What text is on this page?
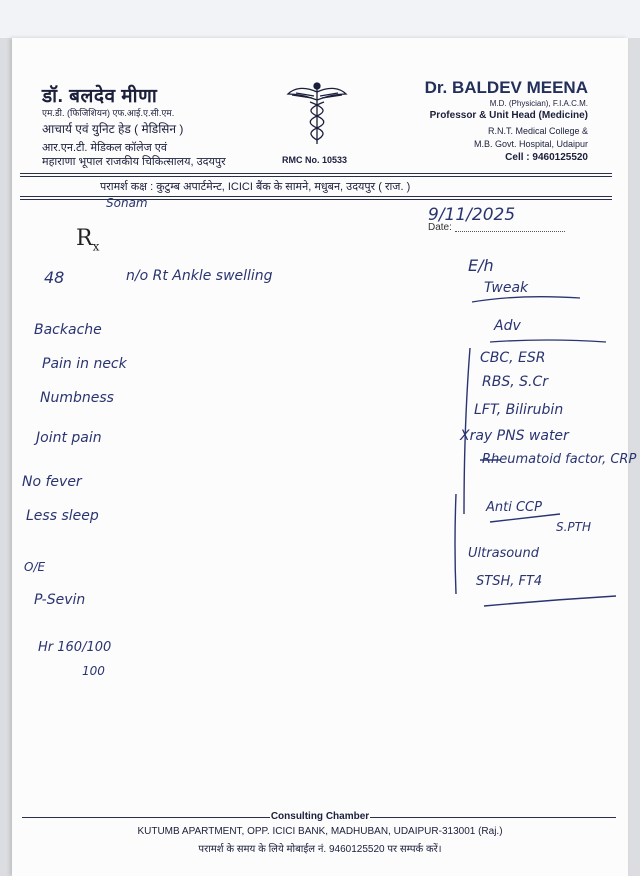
डॉ. बलदेव मीणा
एम.डी. (फिजिशियन) एफ.आई.ए.सी.एम.
आचार्य एवं युनिट हेड ( मेडिसिन )
आर.एन.टी. मेडिकल कॉलेज एवं
महाराणा भूपाल राजकीय चिकित्सालय, उदयपुर	RMC No. 10533
Dr. BALDEV MEENA
M.D. (Physician), F.I.A.C.M.
Professor & Unit Head (Medicine)
R.N.T. Medical College &
M.B. Govt. Hospital, Udaipur
Cell : 9460125520
परामर्श कक्ष : कुटुम्ब अपार्टमेन्ट, ICICI बैंक के सामने, मधुबन, उदयपुर ( राज. )
$R_x$
Date:
9/11/2025
Sonam
48	n/o Rt Ankle swelling
Backache
Pain in neck
Numbness
Joint pain
No fever
Less sleep
O/E
P-Sevin
Hr 160/100
100
E/h
Tweak
Adv
CBC, ESR
RBS, S.Cr
LFT, Bilirubin
Xray PNS water
Rheumatoid factor, CRP
Anti CCP
S.PTH
Ultrasound
STSH, FT4
Consulting Chamber
KUTUMB APARTMENT, OPP. ICICI BANK, MADHUBAN, UDAIPUR-313001 (Raj.)
परामर्श के समय के लिये मोबाईल नं. 9460125520 पर सम्पर्क करें।
